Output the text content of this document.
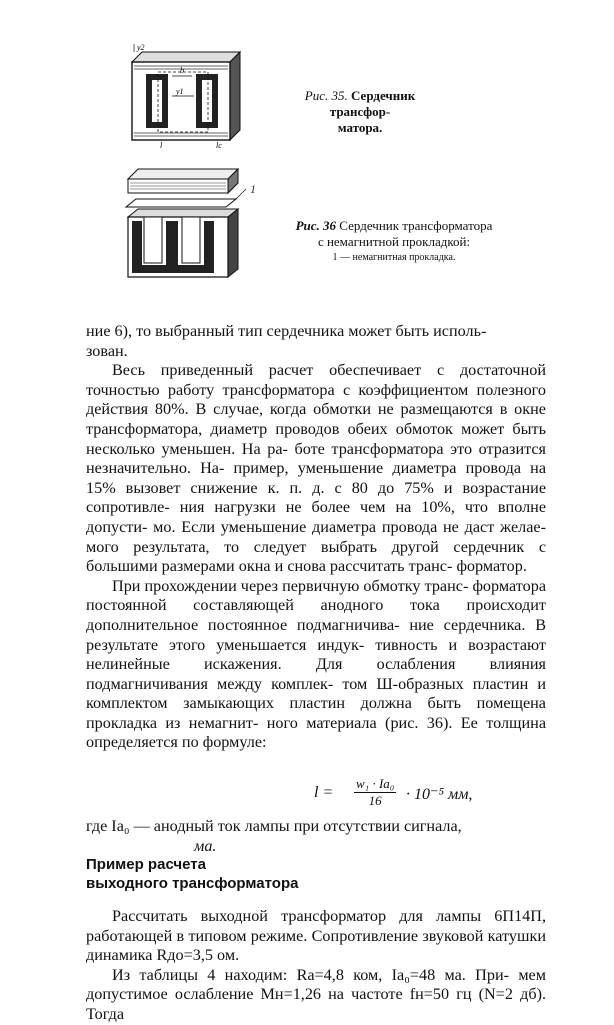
y2
b
y1
l	lc
Рис. 35. Сердечник трансфор-
матора.
1
Рис. 36 Сердечник трансформатора
с немагнитной прокладкой:
1 — немагнитная прокладка.

ние 6), то выбранный тип сердечника может быть исполь-
зован.

Весь приведенный расчет обеспечивает с достаточной точностью работу трансформатора с коэффициентом полезного действия 80%. В случае, когда обмотки не размещаются в окне трансформатора, диаметр проводов обеих обмоток может быть несколько уменьшен. На ра- боте трансформатора это отразится незначительно. На- пример, уменьшение диаметра провода на 15% вызовет снижение к. п. д. с 80 до 75% и возрастание сопротивле- ния нагрузки не более чем на 10%, что вполне допусти- мо. Если уменьшение диаметра провода не даст желае- мого результата, то следует выбрать другой сердечник с большими размерами окна и снова рассчитать транс- форматор.

При прохождении через первичную обмотку транс- форматора постоянной составляющей анодного тока происходит дополнительное постоянное подмагничива- ние сердечника. В результате этого уменьшается индук- тивность и возрастают нелинейные искажения. Для ослабления влияния подмагничивания между комплек- том Ш-образных пластин и комплектом замыкающих пластин должна быть помещена прокладка из немагнит- ного материала (рис. 36). Ее толщина определяется по формуле:

l =
w₁ · Iа₀
16	· 10⁻⁵ мм,
где Iа₀ — анодный ток лампы при отсутствии сигнала,
ма.
Пример расчета
выходного трансформатора

Рассчитать выходной трансформатор для лампы 6П14П, работающей в типовом режиме. Сопротивление звуковой катушки динамика Rдо=3,5 ом.

Из таблицы 4 находим: Rа=4,8 ком, Iа₀=48 ма. При- мем допустимое ослабление Mн=1,26 на частоте fн=50 гц (N=2 дб). Тогда
